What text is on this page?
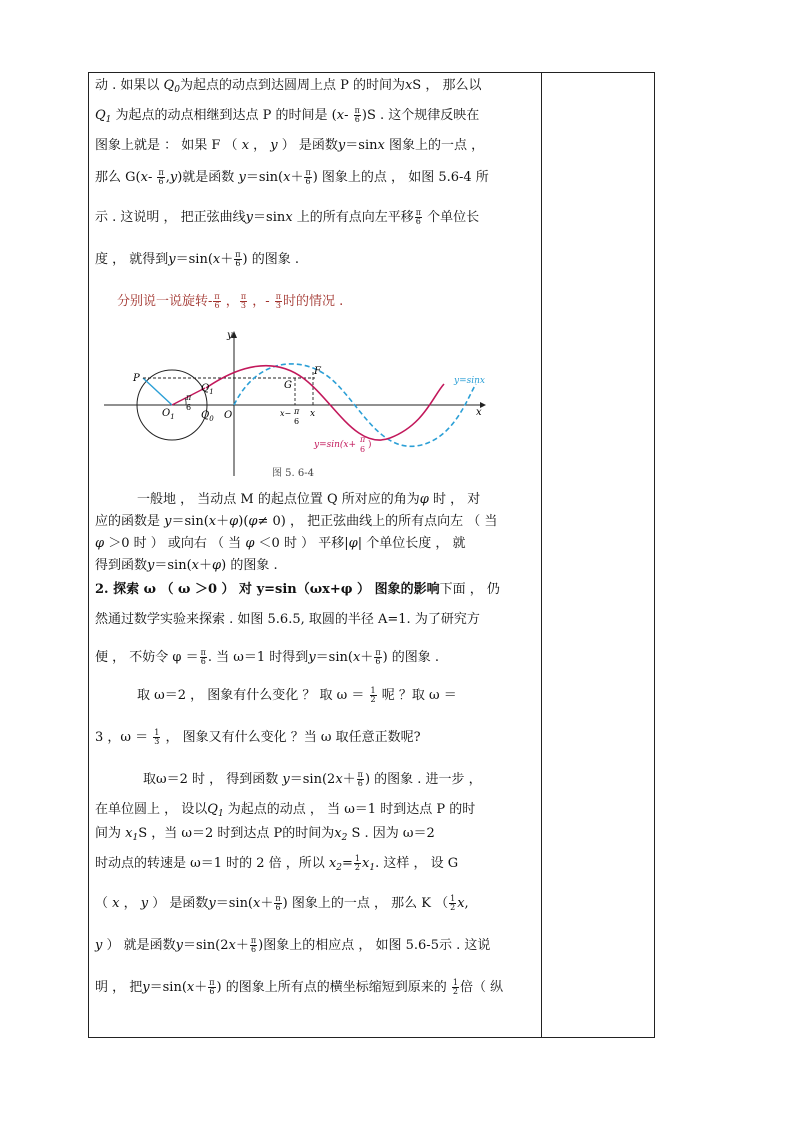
动 . 如果以 $Q_0$为起点的动点到达圆周上点 P 的时间为xS ， 那么以
$Q_1$ 为起点的动点相继到达点 P 的时间是 $(x- \frac{\pi}{6} )S$ . 这个规律反映在
图象上就是 ： 如果 F （ x ， y ） 是函数y＝sinx 图象上的一点 ，
那么 $G(x- \frac{\pi}{6} ,y)$就是函数 $y=\sin(x+ \frac{\pi}{6}$ ) 图象上的点 ， 如图 5.6-4 所
示 . 这说明 ， 把正弦曲线y＝sinx 上的所有点向左平移 $\frac{\pi}{6}$ 个单位长
度 ， 就得到$y=\sin(x+ \frac{\pi}{6}$ ) 的图象 .
分别说一说旋转- $\frac{\pi}{6}$ ， $\frac{\pi}{3}$ ，- $\frac{\pi}{3}$ 时的情况 .
y
x
π
6
P
$Q_1$
$Q_0$ O
$O_1$
G
F
x− π
6
x
y=sinx
y=sin(x+
π
6 )
图 5. 6-4
一般地 ， 当动点 M 的起点位置 Q 所对应的角为φ 时 ， 对
应的函数是 y＝sin(x＋φ)(φ≠ 0) ， 把正弦曲线上的所有点向左 （ 当
φ ＞0 时 ） 或向右 （ 当 φ ＜0 时 ） 平移|φ| 个单位长度 ， 就
得到函数y＝sin(x＋φ) 的图象 .
2. 探索 ω （ ω ＞0 ） 对 y=sin（ωx+φ ） 图象的影响下面 ， 仍
然通过数学实验来探索 . 如图 5.6.5, 取圆的半径 A=1. 为了研究方
便 ， 不妨令 $\varphi = \frac{\pi}{6}$ . 当 ω＝1 时得到$y=\sin(x+ \frac{\pi}{6}$ ) 的图象 .
取 ω＝2 ， 图象有什么变化 ？ 取 $\omega = \frac{1}{2}$ 呢 ？取 ω ＝
3 ，$\omega = \frac{1}{3}$ ， 图象又有什么变化 ？当 ω 取任意正数呢?
取ω＝2 时 ， 得到函数 $y=\sin(2x+ \frac{\pi}{6}$ ) 的图象 . 进一步 ，
在单位圆上 ， 设以$Q_1$ 为起点的动点 ， 当 ω＝1 时到达点 P 的时
间为 $x_1S$ ，当 ω＝2 时到达点 P的时间为$x_2$ S . 因为 ω＝2
时动点的转速是 ω＝1 时的 2 倍 ，所以 $x_2= \frac{1}{2} x_1$. 这样 ， 设 G
（ x ， y ） 是函数$y=\sin(x+ \frac{\pi}{6}$ ) 图象上的一点 ， 那么 K （ $\frac{1}{2} x$,
y ） 就是函数$y=\sin(2x+ \frac{\pi}{6}$ )图象上的相应点 ， 如图 5.6-5示 . 这说
明 ， 把$y=\sin(x+ \frac{\pi}{6}$ ) 的图象上所有点的横坐标缩短到原来的 $\frac{1}{2}$ 倍（ 纵
